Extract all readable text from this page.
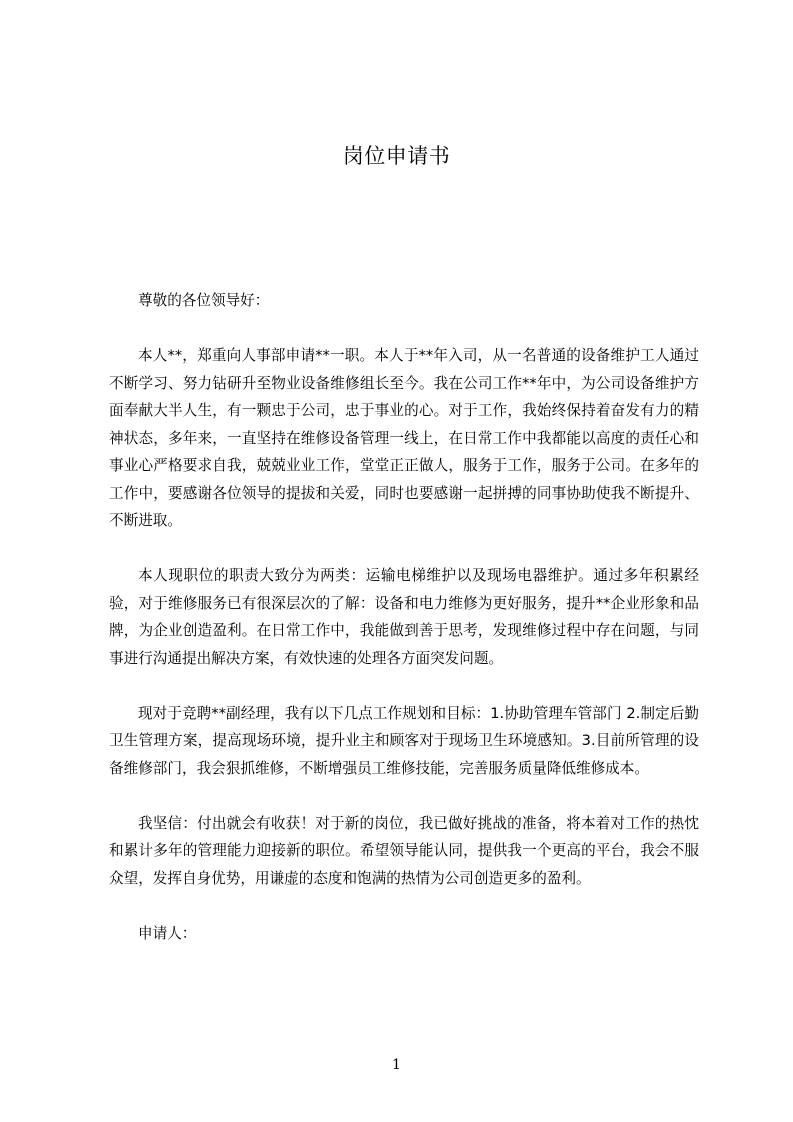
岗位申请书

尊敬的各位领导好：

本人**，郑重向人事部申请**一职。本人于**年入司，从一名普通的设备维护工人通过不断学习、努力钻研升至物业设备维修组长至今。我在公司工作**年中，为公司设备维护方面奉献大半人生，有一颗忠于公司，忠于事业的心。对于工作，我始终保持着奋发有力的精神状态，多年来，一直坚持在维修设备管理一线上，在日常工作中我都能以高度的责任心和事业心严格要求自我，兢兢业业工作，堂堂正正做人，服务于工作，服务于公司。在多年的工作中，要感谢各位领导的提拔和关爱，同时也要感谢一起拼搏的同事协助使我不断提升、不断进取。

本人现职位的职责大致分为两类：运输电梯维护以及现场电器维护。通过多年积累经验，对于维修服务已有很深层次的了解：设备和电力维修为更好服务，提升**企业形象和品牌，为企业创造盈利。在日常工作中，我能做到善于思考，发现维修过程中存在问题，与同事进行沟通提出解决方案，有效快速的处理各方面突发问题。

现对于竞聘**副经理，我有以下几点工作规划和目标：1.协助管理车管部门 2.制定后勤卫生管理方案，提高现场环境，提升业主和顾客对于现场卫生环境感知。3.目前所管理的设备维修部门，我会狠抓维修，不断增强员工维修技能，完善服务质量降低维修成本。

我坚信：付出就会有收获！对于新的岗位，我已做好挑战的准备，将本着对工作的热忱和累计多年的管理能力迎接新的职位。希望领导能认同，提供我一个更高的平台，我会不服众望，发挥自身优势，用谦虚的态度和饱满的热情为公司创造更多的盈利。

申请人：

1
